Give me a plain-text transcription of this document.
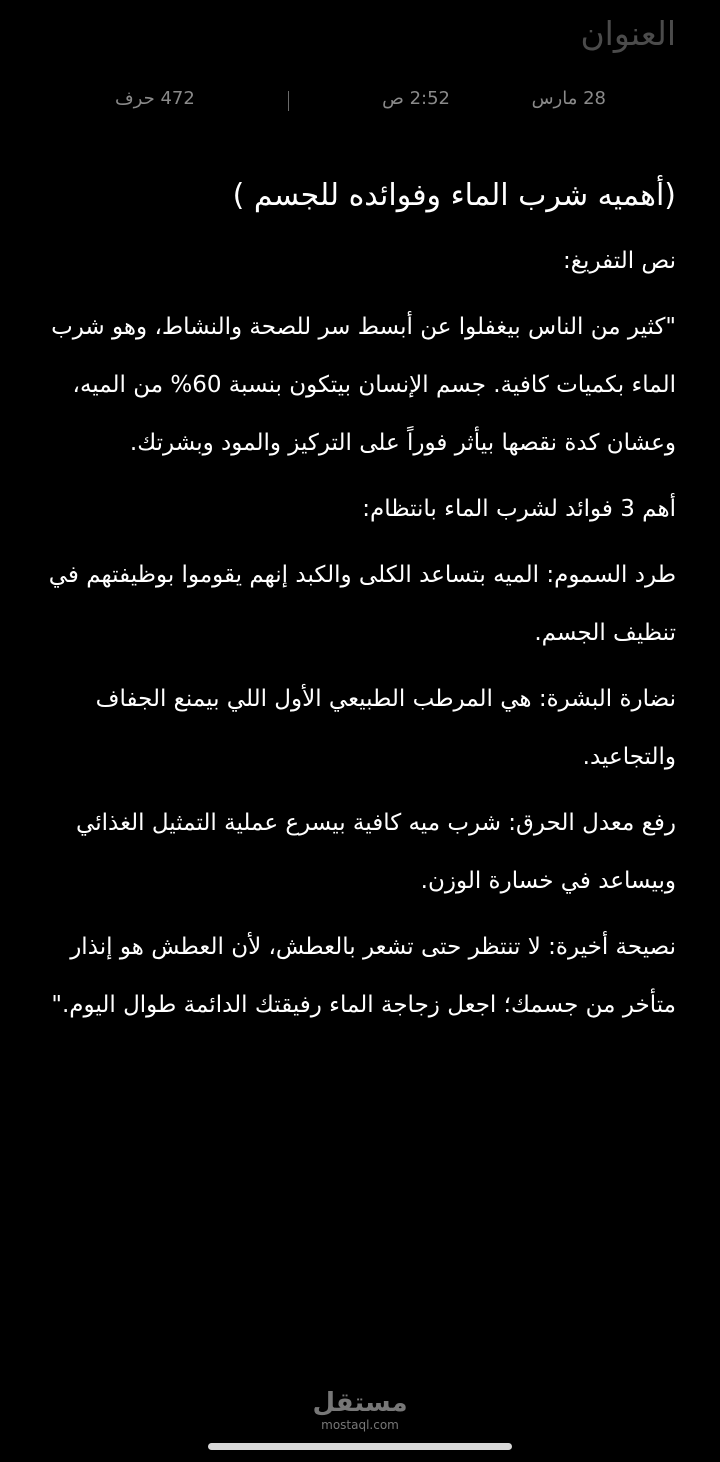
العنوان
28 مارس
2:52 ص
472 حرف
(أهميه شرب الماء وفوائده للجسم )
نص التفريغ:
"كثير من الناس بيغفلوا عن أبسط سر للصحة والنشاط، وهو شرب الماء بكميات كافية. جسم الإنسان بيتكون بنسبة 60% من الميه، وعشان كدة نقصها بيأثر فوراً على التركيز والمود وبشرتك.
أهم 3 فوائد لشرب الماء بانتظام:
طرد السموم: الميه بتساعد الكلى والكبد إنهم يقوموا بوظيفتهم في تنظيف الجسم.
نضارة البشرة: هي المرطب الطبيعي الأول اللي بيمنع الجفاف والتجاعيد.
رفع معدل الحرق: شرب ميه كافية بيسرع عملية التمثيل الغذائي وبيساعد في خسارة الوزن.
نصيحة أخيرة: لا تنتظر حتى تشعر بالعطش، لأن العطش هو إنذار متأخر من جسمك؛ اجعل زجاجة الماء رفيقتك الدائمة طوال اليوم."
مستقل
mostaql.com
